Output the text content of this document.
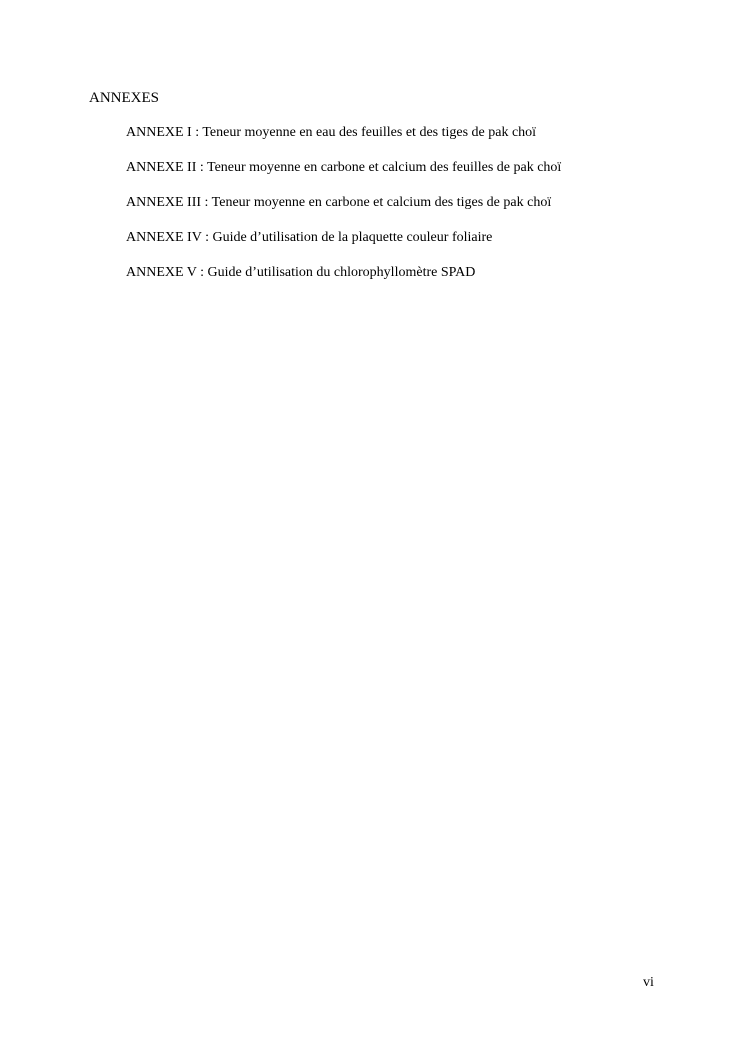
ANNEXES
ANNEXE I : Teneur moyenne en eau des feuilles et des tiges de pak choï
ANNEXE II : Teneur moyenne en carbone et calcium des feuilles de pak choï
ANNEXE III : Teneur moyenne en carbone et calcium des tiges de pak choï
ANNEXE IV : Guide d’utilisation de la plaquette couleur foliaire
ANNEXE V : Guide d’utilisation du chlorophyllomètre SPAD
vi
